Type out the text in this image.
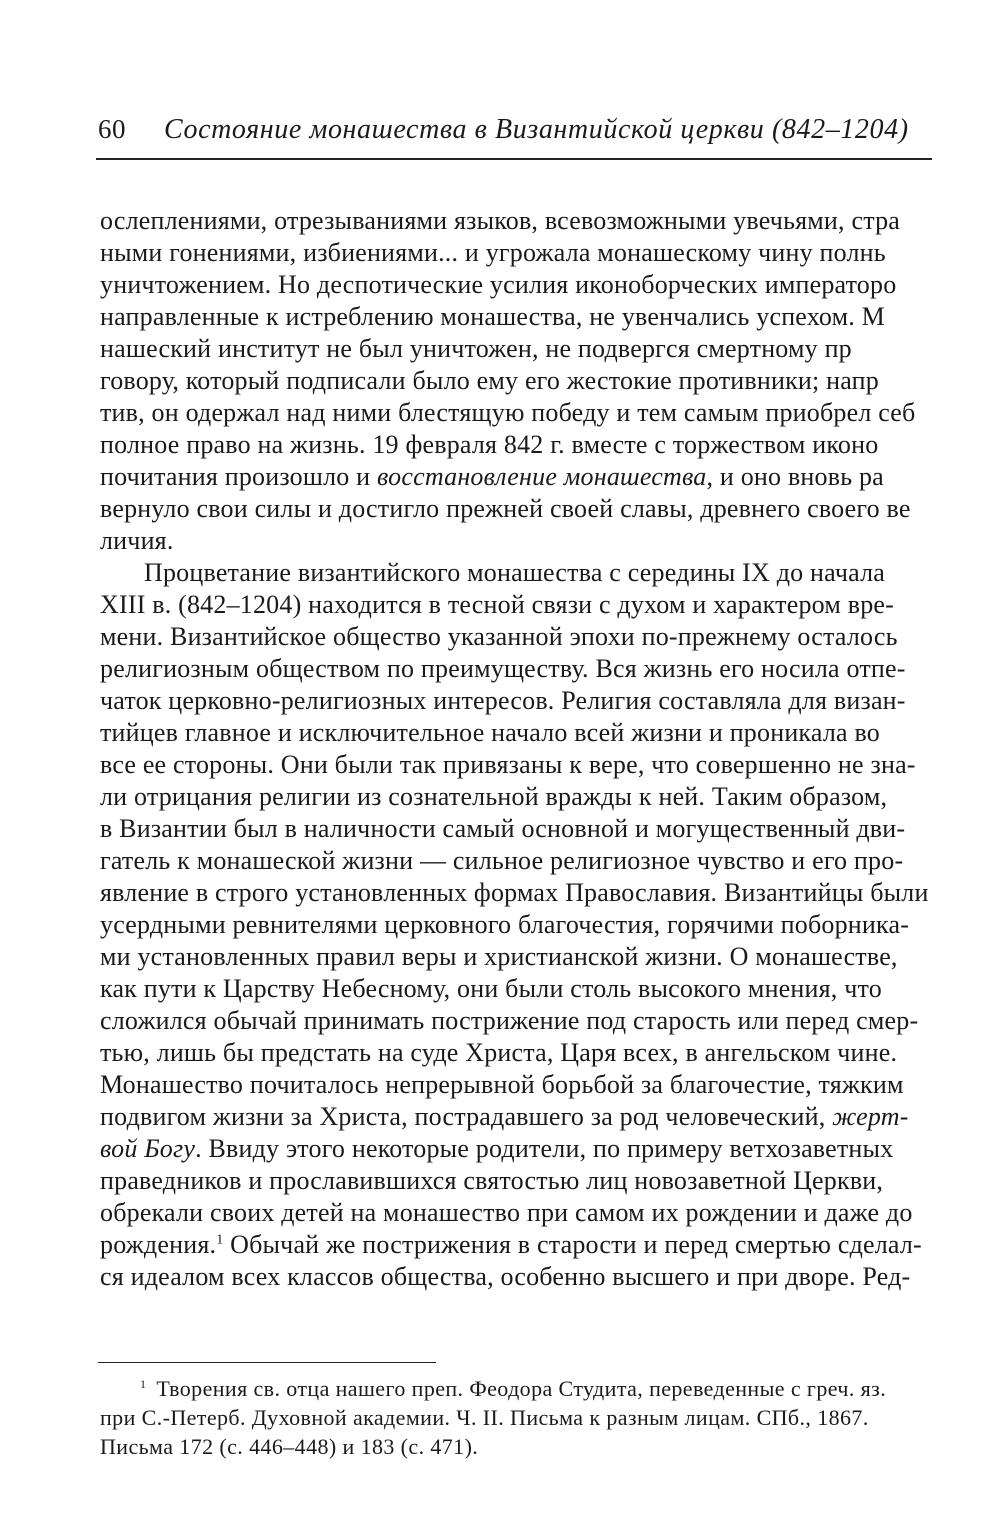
60 Состояние монашества в Византийской церкви (842–1204)
ослеплениями, отрезываниями языков, всевозможными увечьями, стра
ными гонениями, избиениями... и угрожала монашескому чину полнь
уничтожением. Но деспотические усилия иконоборческих императоро
направленные к истреблению монашества, не увенчались успехом. М
нашеский институт не был уничтожен, не подвергся смертному пр
говору, который подписали было ему его жестокие противники; напр
тив, он одержал над ними блестящую победу и тем самым приобрел себ
полное право на жизнь. 19 февраля 842 г. вместе с торжеством иконо
почитания произошло и восстановление монашества, и оно вновь ра
вернуло свои силы и достигло прежней своей славы, древнего своего ве
личия.
Процветание византийского монашества с середины IX до начала
XIII в. (842–1204) находится в тесной связи с духом и характером вре-
мени. Византийское общество указанной эпохи по-прежнему осталось
религиозным обществом по преимуществу. Вся жизнь его носила отпе-
чаток церковно-религиозных интересов. Религия составляла для визан-
тийцев главное и исключительное начало всей жизни и проникала во
все ее стороны. Они были так привязаны к вере, что совершенно не зна-
ли отрицания религии из сознательной вражды к ней. Таким образом,
в Византии был в наличности самый основной и могущественный дви-
гатель к монашеской жизни — сильное религиозное чувство и его про-
явление в строго установленных формах Православия. Византийцы были
усердными ревнителями церковного благочестия, горячими поборника-
ми установленных правил веры и христианской жизни. О монашестве,
как пути к Царству Небесному, они были столь высокого мнения, что
сложился обычай принимать пострижение под старость или перед смер-
тью, лишь бы предстать на суде Христа, Царя всех, в ангельском чине.
Монашество почиталось непрерывной борьбой за благочестие, тяжким
подвигом жизни за Христа, пострадавшего за род человеческий, жерт-
вой Богу. Ввиду этого некоторые родители, по примеру ветхозаветных
праведников и прославившихся святостью лиц новозаветной Церкви,
обрекали своих детей на монашество при самом их рождении и даже до
рождения.$^1$ Обычай же пострижения в старости и перед смертью сделал-
ся идеалом всех классов общества, особенно высшего и при дворе. Ред-
$^1$ Творения св. отца нашего преп. Феодора Студита, переведенные с греч. яз.
при С.-Петерб. Духовной академии. Ч. II. Письма к разным лицам. СПб., 1867.
Письма 172 (с. 446–448) и 183 (с. 471).
